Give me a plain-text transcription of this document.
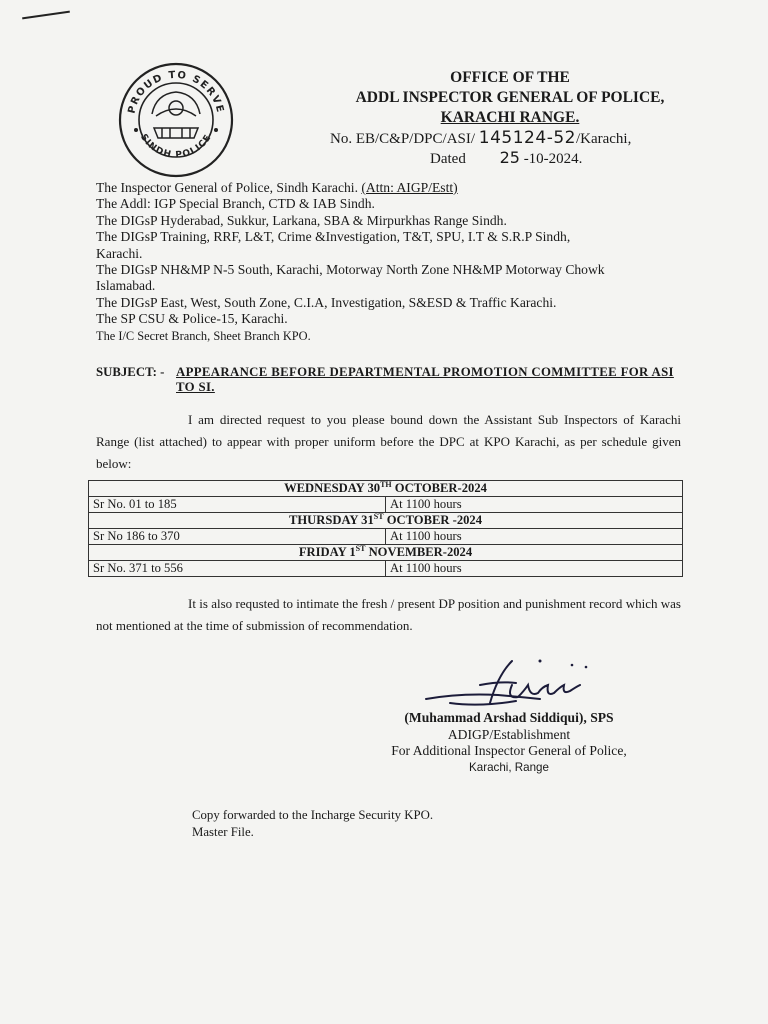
PROUD TO SERVE
SINDH POLICE
OFFICE OF THE
ADDL INSPECTOR GENERAL OF POLICE,
KARACHI RANGE.
No. EB/C&P/DPC/ASI/ 145124-52/Karachi,
Dated 25 -10-2024.
The Inspector General of Police, Sindh Karachi. (Attn: AIGP/Estt)
The Addl: IGP Special Branch, CTD & IAB Sindh.
The DIGsP Hyderabad, Sukkur, Larkana, SBA & Mirpurkhas Range Sindh.
The DIGsP Training, RRF, L&T, Crime &Investigation, T&T, SPU, I.T & S.R.P Sindh,
Karachi.
The DIGsP NH&MP N-5 South, Karachi, Motorway North Zone NH&MP Motorway Chowk
Islamabad.
The DIGsP East, West, South Zone, C.I.A, Investigation, S&ESD & Traffic Karachi.
The SP CSU & Police-15, Karachi.
The I/C Secret Branch, Sheet Branch KPO.
SUBJECT: - APPEARANCE BEFORE DEPARTMENTAL PROMOTION COMMITTEE FOR ASI TO SI.
I am directed request to you please bound down the Assistant Sub Inspectors of Karachi Range (list attached) to appear with proper uniform before the DPC at KPO Karachi, as per schedule given below:
WEDNESDAY 30TH OCTOBER-2024	
Sr No. 01 to 185	At 1100 hours
THURSDAY 31ST OCTOBER -2024	
Sr No 186 to 370	At 1100 hours
FRIDAY 1ST NOVEMBER-2024	
Sr No. 371 to 556	At 1100 hours
It is also requsted to intimate the fresh / present DP position and punishment record which was not mentioned at the time of submission of recommendation.
(Muhammad Arshad Siddiqui), SPS
ADIGP/Establishment
For Additional Inspector General of Police,
Karachi, Range
Copy forwarded to the Incharge Security KPO.
Master File.
